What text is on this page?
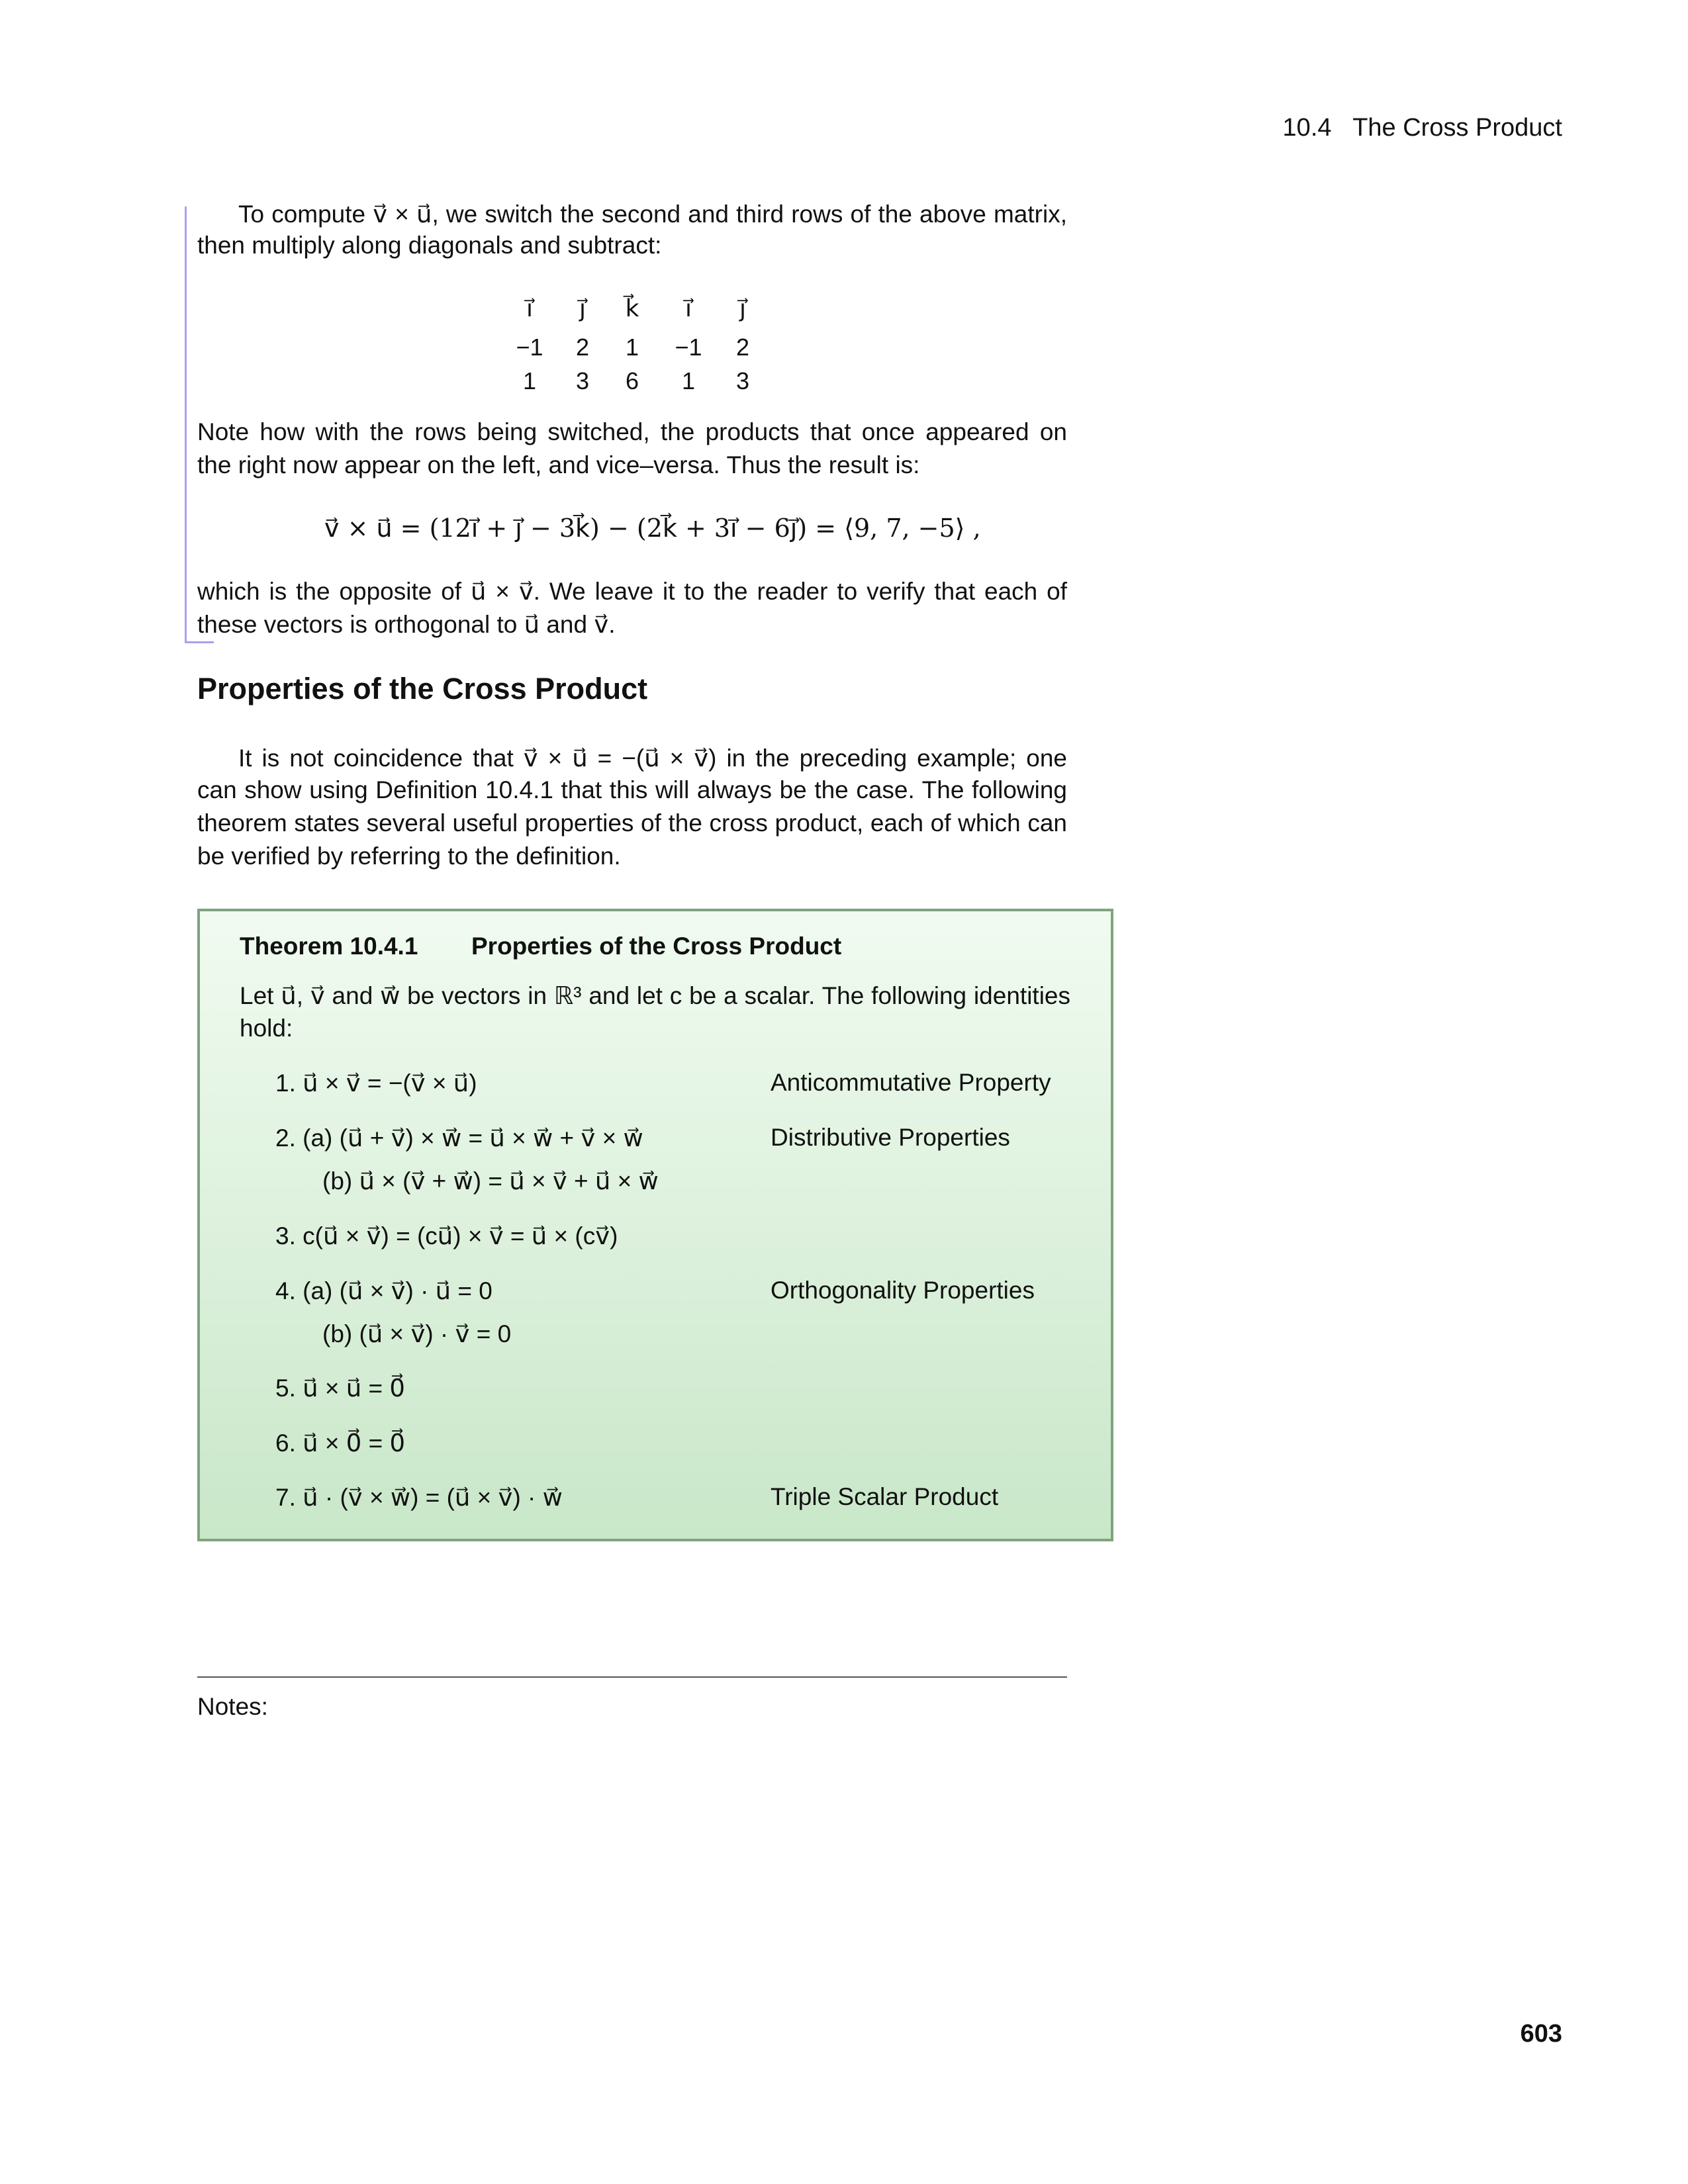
10.4 The Cross Product
To compute v⃗ × u⃗, we switch the second and third rows of the above matrix,
then multiply along diagonals and subtract:
i⃗	j⃗	k⃗	i⃗	j⃗
−1	2	1	−1	2
1	3	6	1	3
Note how with the rows being switched, the products that once appeared on
the right now appear on the left, and vice–versa. Thus the result is:
v⃗ × u⃗ = (12i⃗ + j⃗ − 3k⃗) − (2k⃗ + 3i⃗ − 6j⃗) = ⟨9, 7, −5⟩ ,
which is the opposite of u⃗ × v⃗. We leave it to the reader to verify that each of
these vectors is orthogonal to u⃗ and v⃗.
Properties of the Cross Product
It is not coincidence that v⃗ × u⃗ = −(u⃗ × v⃗) in the preceding example; one
can show using Definition 10.4.1 that this will always be the case. The following
theorem states several useful properties of the cross product, each of which can
be verified by referring to the definition.
Theorem 10.4.1 Properties of the Cross Product
Let u⃗, v⃗ and w⃗ be vectors in ℝ³ and let c be a scalar. The following identities
hold:
1. u⃗ × v⃗ = −(v⃗ × u⃗)	Anticommutative Property
2. (a) (u⃗ + v⃗) × w⃗ = u⃗ × w⃗ + v⃗ × w⃗	Distributive Properties
(b) u⃗ × (v⃗ + w⃗) = u⃗ × v⃗ + u⃗ × w⃗
3. c(u⃗ × v⃗) = (cu⃗) × v⃗ = u⃗ × (cv⃗)
4. (a) (u⃗ × v⃗) · u⃗ = 0	Orthogonality Properties
(b) (u⃗ × v⃗) · v⃗ = 0
5. u⃗ × u⃗ = 0⃗
6. u⃗ × 0⃗ = 0⃗
7. u⃗ · (v⃗ × w⃗) = (u⃗ × v⃗) · w⃗	Triple Scalar Product
Notes:
603
